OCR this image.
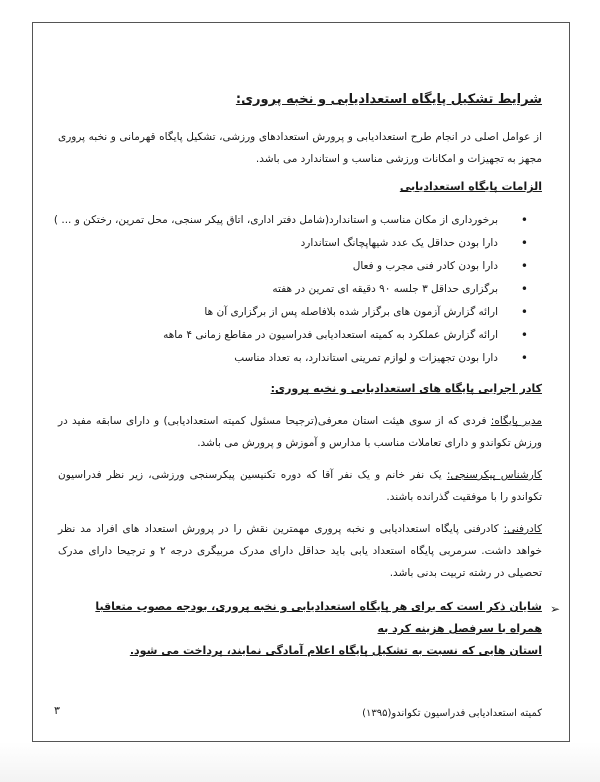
شرایط تشکیل پایگاه استعدادیابی و نخبه پروری:
از عوامل اصلی در انجام طرح استعدادیابی و پرورش استعدادهای ورزشی، تشکیل پایگاه قهرمانی و نخبه پروری مجهز به تجهیزات و امکانات ورزشی مناسب و استاندارد می باشد.
الزامات پایگاه استعدادیابی
• برخورداری از مکان مناسب و استاندارد(شامل دفتر اداری، اتاق پیکر سنجی، محل تمرین، رختکن و ... )
• دارا بودن حداقل یک عدد شیهاپچانگ استاندارد
• دارا بودن کادر فنی مجرب و فعال
• برگزاری حداقل ۳ جلسه ۹۰ دقیقه ای تمرین در هفته
• ارائه گزارش آزمون های برگزار شده بلافاصله پس از برگزاری آن ها
• ارائه گزارش عملکرد به کمیته استعدادیابی فدراسیون در مقاطع زمانی ۴ ماهه
• دارا بودن تجهیزات و لوازم تمرینی استاندارد، به تعداد مناسب
کادر اجرایی پایگاه های استعدادیابی و نخبه پروری:
مدیر پایگاه: فردی که از سوی هیئت استان معرفی(ترجیحا مسئول کمیته استعدادیابی) و دارای سابقه مفید در ورزش تکواندو و دارای تعاملات مناسب با مدارس و آموزش و پرورش می باشد.
کارشناس پیکرسنجی: یک نفر خانم و یک نفر آقا که دوره تکنیسین پیکرسنجی ورزشی، زیر نظر فدراسیون تکواندو را با موفقیت گذرانده باشند.
کادرفنی: کادرفنی پایگاه استعدادیابی و نخبه پروری مهمترین نقش را در پرورش استعداد های افراد مد نظر خواهد داشت. سرمربی پایگاه استعداد یابی باید حداقل دارای مدرک مربیگری درجه ۲ و ترجیحا دارای مدرک تحصیلی در رشته تربیت بدنی باشد.
➢
شایان ذکر است که برای هر پایگاه استعدادیابی و نخبه پروری، بودجه مصوب متعاقبا همراه با سرفصل هزینه کرد به
استان هایی که نسبت به تشکیل پایگاه اعلام آمادگی نمایند، پرداخت می شود.
کمیته استعدادیابی فدراسیون تکواندو(۱۳۹۵)
۳
